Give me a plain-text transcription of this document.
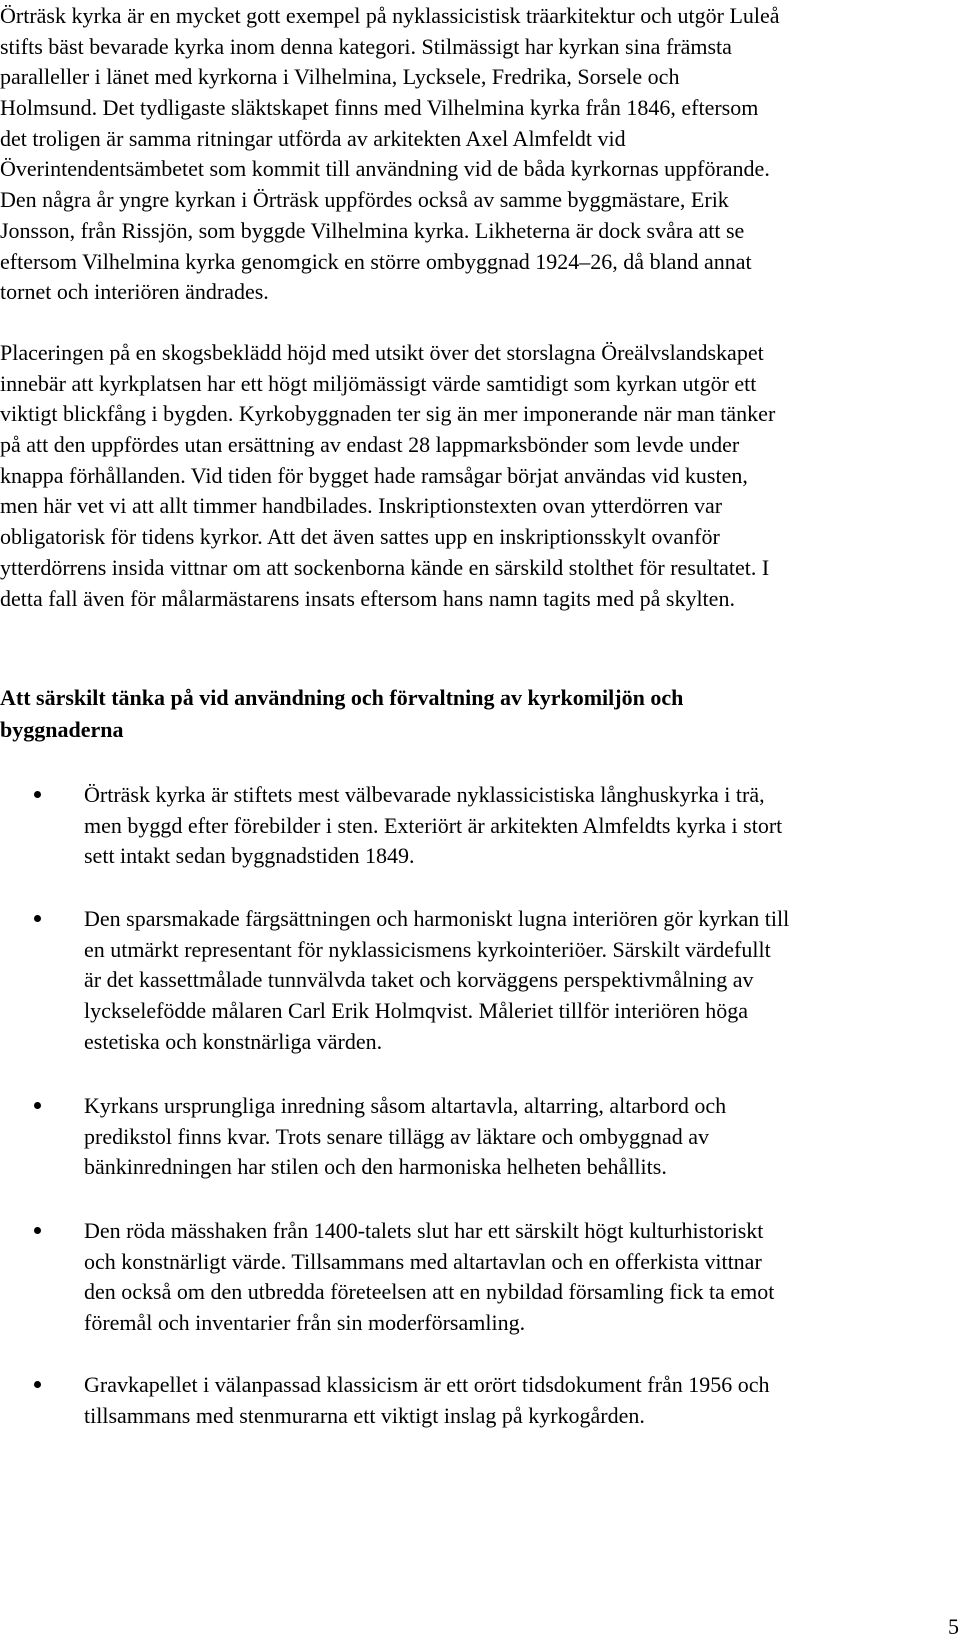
Örträsk kyrka är en mycket gott exempel på nyklassicistisk träarkitektur och utgör Luleå
stifts bäst bevarade kyrka inom denna kategori. Stilmässigt har kyrkan sina främsta
paralleller i länet med kyrkorna i Vilhelmina, Lycksele, Fredrika, Sorsele och
Holmsund. Det tydligaste släktskapet finns med Vilhelmina kyrka från 1846, eftersom
det troligen är samma ritningar utförda av arkitekten Axel Almfeldt vid
Överintendentsämbetet som kommit till användning vid de båda kyrkornas uppförande.
Den några år yngre kyrkan i Örträsk uppfördes också av samme byggmästare, Erik
Jonsson, från Rissjön, som byggde Vilhelmina kyrka. Likheterna är dock svåra att se
eftersom Vilhelmina kyrka genomgick en större ombyggnad 1924–26, då bland annat
tornet och interiören ändrades.
Placeringen på en skogsbeklädd höjd med utsikt över det storslagna Öreälvslandskapet
innebär att kyrkplatsen har ett högt miljömässigt värde samtidigt som kyrkan utgör ett
viktigt blickfång i bygden. Kyrkobyggnaden ter sig än mer imponerande när man tänker
på att den uppfördes utan ersättning av endast 28 lappmarksbönder som levde under
knappa förhållanden. Vid tiden för bygget hade ramsågar börjat användas vid kusten,
men här vet vi att allt timmer handbilades. Inskriptionstexten ovan ytterdörren var
obligatorisk för tidens kyrkor. Att det även sattes upp en inskriptionsskylt ovanför
ytterdörrens insida vittnar om att sockenborna kände en särskild stolthet för resultatet. I
detta fall även för målarmästarens insats eftersom hans namn tagits med på skylten.
Att särskilt tänka på vid användning och förvaltning av kyrkomiljön och
byggnaderna
Örträsk kyrka är stiftets mest välbevarade nyklassicistiska långhuskyrka i trä,
men byggd efter förebilder i sten. Exteriört är arkitekten Almfeldts kyrka i stort
sett intakt sedan byggnadstiden 1849.
Den sparsmakade färgsättningen och harmoniskt lugna interiören gör kyrkan till
en utmärkt representant för nyklassicismens kyrkointeriöer. Särskilt värdefullt
är det kassettmålade tunnvälvda taket och korväggens perspektivmålning av
lyckselefödde målaren Carl Erik Holmqvist. Måleriet tillför interiören höga
estetiska och konstnärliga värden.
Kyrkans ursprungliga inredning såsom altartavla, altarring, altarbord och
predikstol finns kvar. Trots senare tillägg av läktare och ombyggnad av
bänkinredningen har stilen och den harmoniska helheten behållits.
Den röda mässhaken från 1400-talets slut har ett särskilt högt kulturhistoriskt
och konstnärligt värde. Tillsammans med altartavlan och en offerkista vittnar
den också om den utbredda företeelsen att en nybildad församling fick ta emot
föremål och inventarier från sin moderförsamling.
Gravkapellet i välanpassad klassicism är ett orört tidsdokument från 1956 och
tillsammans med stenmurarna ett viktigt inslag på kyrkogården.
5
